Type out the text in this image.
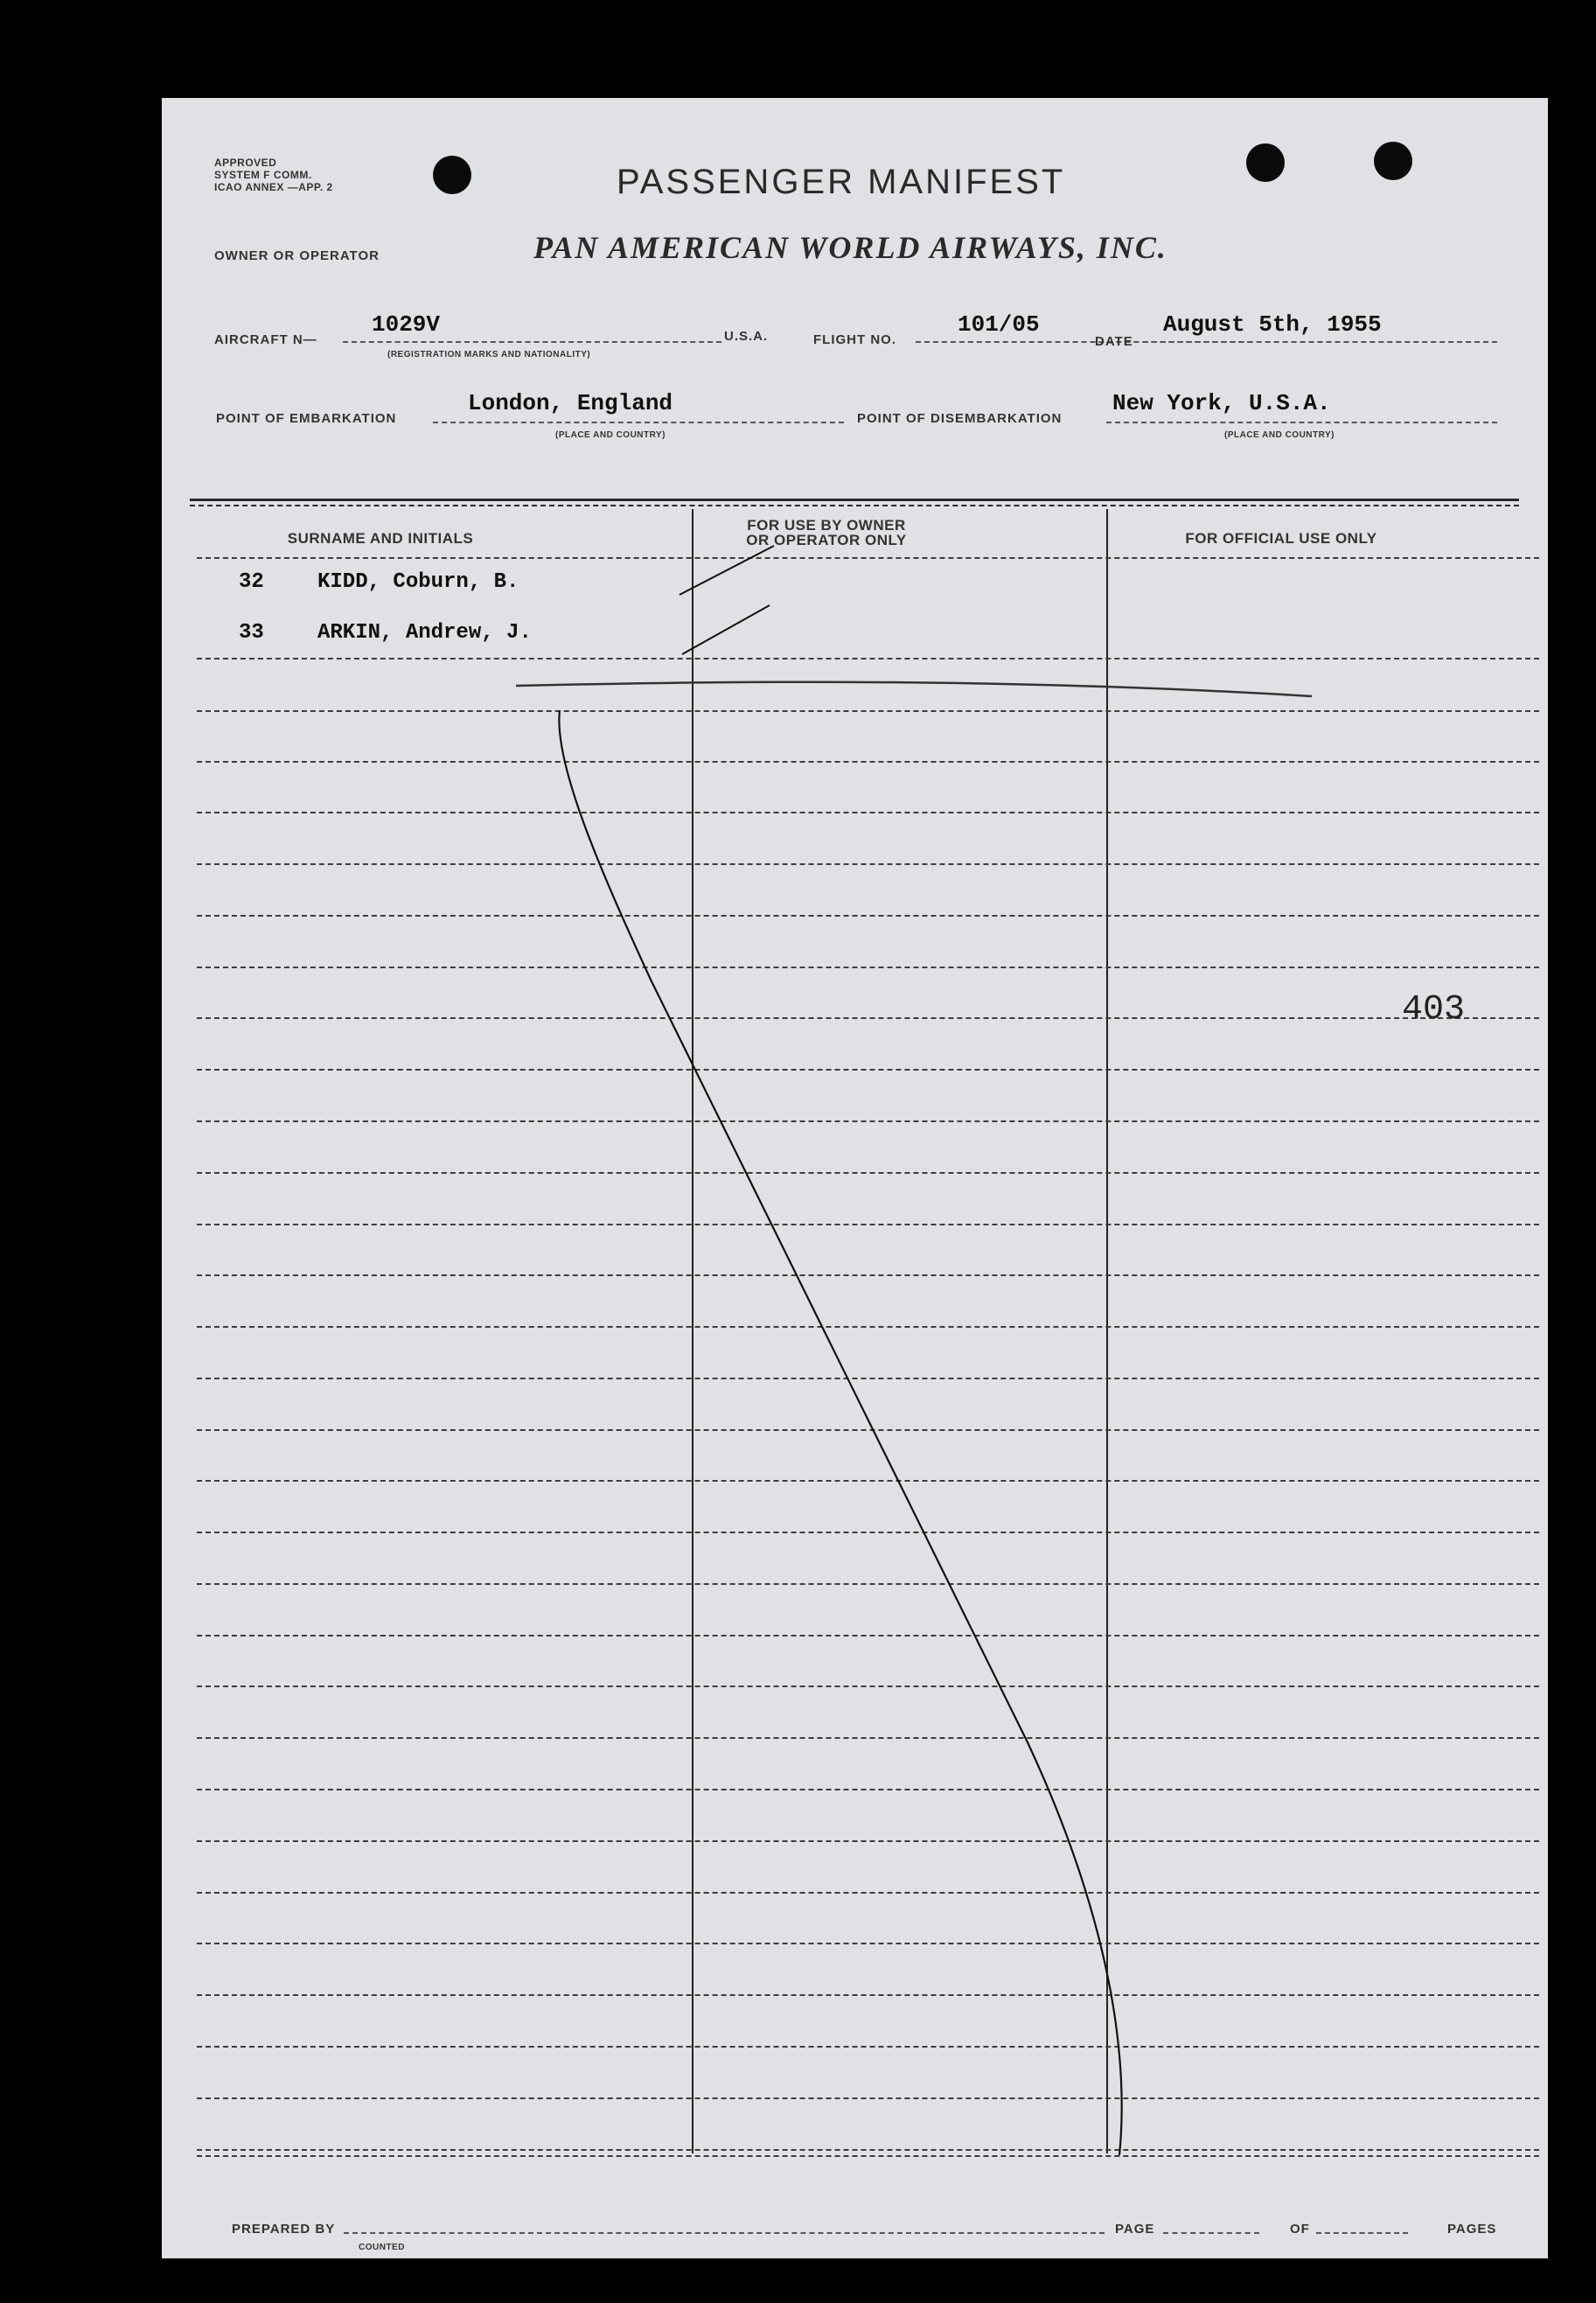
APPROVED
SYSTEM F COMM.
ICAO ANNEX —APP. 2	PASSENGER MANIFEST
OWNER OR OPERATOR	PAN AMERICAN WORLD AIRWAYS, INC.
AIRCRAFT N—
1029V
(REGISTRATION MARKS AND NATIONALITY)
U.S.A.	FLIGHT NO.
101/05
DATE
August 5th, 1955
POINT OF EMBARKATION
London, England
(PLACE AND COUNTRY)
POINT OF DISEMBARKATION
New York, U.S.A.
(PLACE AND COUNTRY)
SURNAME AND INITIALS
FOR USE BY OWNER
OR OPERATOR ONLY	FOR OFFICIAL USE ONLY
32	KIDD, Coburn, B.
33	ARKIN, Andrew, J.
403
PREPARED BY	PAGE	OF	PAGES
COUNTED
